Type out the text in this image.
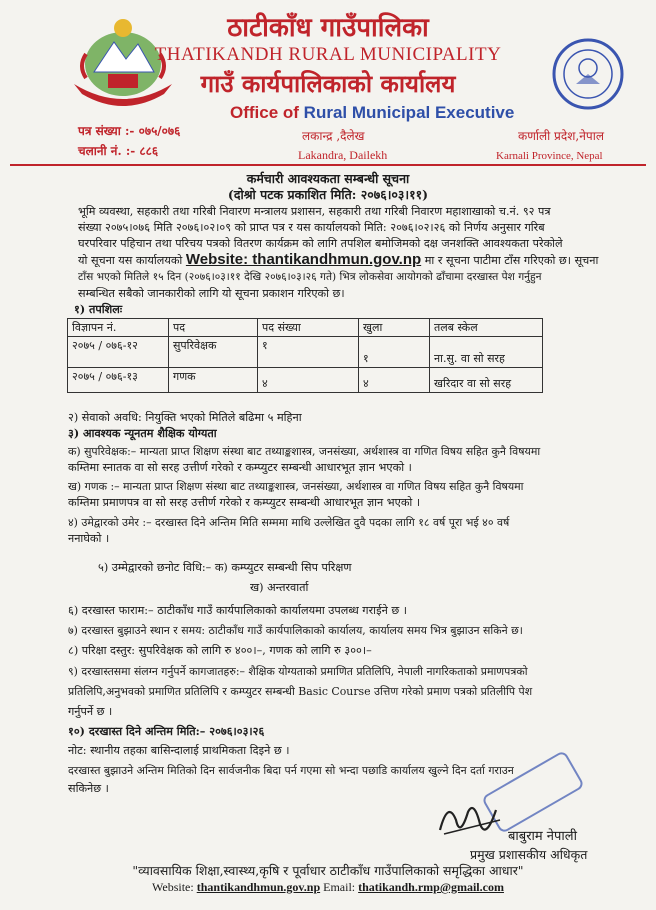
ठाटीकाँध गाउँपालिका
THATIKANDH RURAL MUNICIPALITY
गाउँ कार्यपालिकाको कार्यालय
Office of Rural Municipal Executive
पत्र संख्या :- ०७५/०७६
चलानी नं. :- ८८६
लकान्द्र ,दैलेख
Lakandra, Dailekh
कर्णाली प्रदेश,नेपाल
Karnali Province, Nepal
कर्मचारी आवश्यकता सम्बन्धी सूचना
(दोश्रो पटक प्रकाशित मिति: २०७६।०३।११)
भूमि व्यवस्था, सहकारी तथा गरिबी निवारण मन्त्रालय प्रशासन, सहकारी तथा गरिबी निवारण महाशाखाको च.नं. ९२ पत्र
संख्या २०७५।०७६ मिति २०७६।०२।०९ को प्राप्त पत्र र यस कार्यालयको मिति: २०७६।०२।२६ को निर्णय अनुसार गरिब
घरपरिवार पहिचान तथा परिचय पत्रको वितरण कार्यक्रम को लागि तपशिल बमोजिमको दक्ष जनशक्ति आवश्यकता परेकोले
यो सूचना यस कार्यालयको Website: thantikandhmun.gov.np मा र सूचना पाटीमा टाँस गरिएको छ। सूचना
टाँस भएको मितिले १५ दिन (२०७६।०३।११ देखि २०७६।०३।२६ गते) भित्र लोकसेवा आयोगको ढाँचामा दरखास्त पेश गर्नुहुन
सम्बन्धित सबैको जानकारीको लागि यो सूचना प्रकाशन गरिएको छ।
१) तपशिलः
विज्ञापन नं.	पद	पद संख्या	खुला	तलब स्केल
२०७५ / ०७६-१२	सुपरिवेक्षक	१	१	ना.सु. वा सो सरह
२०७५ / ०७६-१३	गणक	४	४	खरिदार वा सो सरह
२) सेवाको अवधि: नियुक्ति भएको मितिले बढिमा ५ महिना
३) आवश्यक न्यूनतम शैक्षिक योग्यता
क) सुपरिवेक्षक:– मान्यता प्राप्त शिक्षण संस्था बाट तथ्याङ्कशास्त्र, जनसंख्या, अर्थशास्त्र वा गणित विषय सहित कुनै विषयमा
कम्तिमा स्नातक वा सो सरह उत्तीर्ण गरेको र कम्प्युटर सम्बन्धी आधारभूत ज्ञान भएको ।
ख) गणक :– मान्यता प्राप्त शिक्षण संस्था बाट तथ्याङ्कशास्त्र, जनसंख्या, अर्थशास्त्र वा गणित विषय सहित कुनै विषयमा
कम्तिमा प्रमाणपत्र वा सो सरह उत्तीर्ण गरेको र कम्प्युटर सम्बन्धी आधारभूत ज्ञान भएको ।
४) उमेद्वारको उमेर :– दरखास्त दिने अन्तिम मिति सम्ममा माथि उल्लेखित दुवै पदका लागि १८ वर्ष पूरा भई ४० वर्ष
ननाघेको ।
५) उम्मेद्वारको छनोट विधि:– क) कम्प्युटर सम्बन्धी सिप परिक्षण
ख) अन्तरवार्ता
६) दरखास्त फाराम:– ठाटीकाँध गाउँ कार्यपालिकाको कार्यालयमा उपलब्ध गराईने छ ।
७) दरखास्त बुझाउने स्थान र समय: ठाटीकाँध गाउँ कार्यपालिकाको कार्यालय, कार्यालय समय भित्र बुझाउन सकिने छ।
८) परिक्षा दस्तुर: सुपरिवेक्षक को लागि रु ४००।–, गणक को लागि रु ३००।–
९) दरखास्तसमा संलग्न गर्नुपर्ने कागजातहरु:– शैक्षिक योग्यताको प्रमाणित प्रतिलिपि, नेपाली नागरिकताको प्रमाणपत्रको
प्रतिलिपि,अनुभवको प्रमाणित प्रतिलिपि र कम्प्युटर सम्बन्धी Basic Course उत्तिण गरेको प्रमाण पत्रको प्रतिलीपि पेश
गर्नुपर्ने छ ।
१०) दरखास्त दिने अन्तिम मिति:– २०७६।०३।२६
नोट: स्थानीय तहका बासिन्दालाई प्राथमिकता दिइने छ ।
दरखास्त बुझाउने अन्तिम मितिको दिन सार्वजनीक बिदा पर्न गएमा सो भन्दा पछाडि कार्यालय खुल्ने दिन दर्ता गराउन
सकिनेछ ।
बाबुराम नेपाली
प्रमुख प्रशासकीय अधिकृत
"व्यावसायिक शिक्षा,स्वास्थ्य,कृषि र पूर्वाधार ठाटीकाँध गाउँपालिकाको समृद्धिका आधार"
Website: thantikandhmun.gov.np Email: thatikandh.rmp@gmail.com
